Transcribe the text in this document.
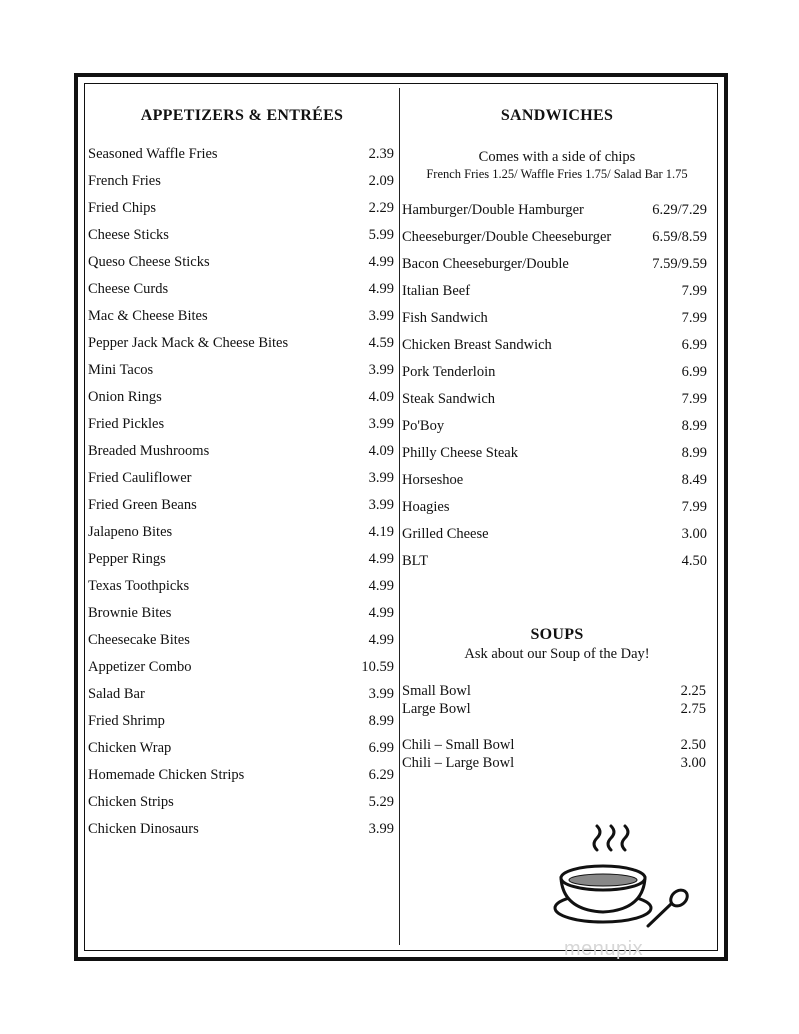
APPETIZERS & ENTRÉES
Seasoned Waffle Fries	2.39
French Fries	2.09
Fried Chips	2.29
Cheese Sticks	5.99
Queso Cheese Sticks	4.99
Cheese Curds	4.99
Mac & Cheese Bites	3.99
Pepper Jack Mack & Cheese Bites	4.59
Mini Tacos	3.99
Onion Rings	4.09
Fried Pickles	3.99
Breaded Mushrooms	4.09
Fried Cauliflower	3.99
Fried Green Beans	3.99
Jalapeno Bites	4.19
Pepper Rings	4.99
Texas Toothpicks	4.99
Brownie Bites	4.99
Cheesecake Bites	4.99
Appetizer Combo	10.59
Salad Bar	3.99
Fried Shrimp	8.99
Chicken Wrap	6.99
Homemade Chicken Strips	6.29
Chicken Strips	5.29
Chicken Dinosaurs	3.99
SANDWICHES
Comes with a side of chips
French Fries 1.25/ Waffle Fries 1.75/ Salad Bar 1.75
Hamburger/Double Hamburger	6.29/7.29
Cheeseburger/Double Cheeseburger	6.59/8.59
Bacon Cheeseburger/Double	7.59/9.59
Italian Beef	7.99
Fish Sandwich	7.99
Chicken Breast Sandwich	6.99
Pork Tenderloin	6.99
Steak Sandwich	7.99
Po'Boy	8.99
Philly Cheese Steak	8.99
Horseshoe	8.49
Hoagies	7.99
Grilled Cheese	3.00
BLT	4.50
SOUPS
Ask about our Soup of the Day!
Small Bowl	2.25
Large Bowl	2.75
Chili – Small Bowl	2.50
Chili – Large Bowl	3.00
menupix
